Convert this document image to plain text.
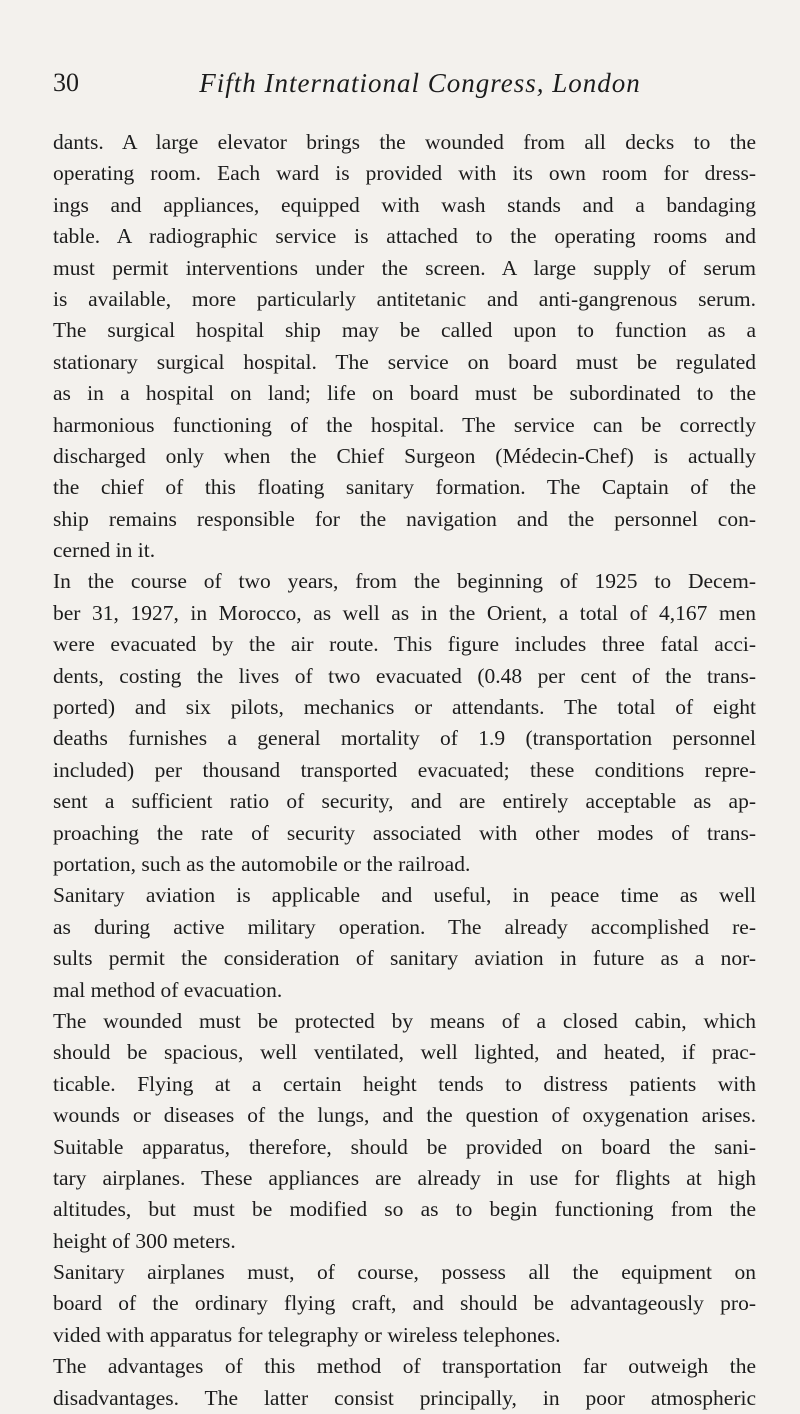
30	Fifth International Congress, London
dants. A large elevator brings the wounded from all decks to the
operating room. Each ward is provided with its own room for dress-
ings and appliances, equipped with wash stands and a bandaging
table. A radiographic service is attached to the operating rooms and
must permit interventions under the screen. A large supply of serum
is available, more particularly antitetanic and anti-gangrenous serum.
The surgical hospital ship may be called upon to function as a
stationary surgical hospital. The service on board must be regulated
as in a hospital on land; life on board must be subordinated to the
harmonious functioning of the hospital. The service can be correctly
discharged only when the Chief Surgeon (Médecin-Chef) is actually
the chief of this floating sanitary formation. The Captain of the
ship remains responsible for the navigation and the personnel con-
cerned in it.
In the course of two years, from the beginning of 1925 to Decem-
ber 31, 1927, in Morocco, as well as in the Orient, a total of 4,167 men
were evacuated by the air route. This figure includes three fatal acci-
dents, costing the lives of two evacuated (0.48 per cent of the trans-
ported) and six pilots, mechanics or attendants. The total of eight
deaths furnishes a general mortality of 1.9 (transportation personnel
included) per thousand transported evacuated; these conditions repre-
sent a sufficient ratio of security, and are entirely acceptable as ap-
proaching the rate of security associated with other modes of trans-
portation, such as the automobile or the railroad.
Sanitary aviation is applicable and useful, in peace time as well
as during active military operation. The already accomplished re-
sults permit the consideration of sanitary aviation in future as a nor-
mal method of evacuation.
The wounded must be protected by means of a closed cabin, which
should be spacious, well ventilated, well lighted, and heated, if prac-
ticable. Flying at a certain height tends to distress patients with
wounds or diseases of the lungs, and the question of oxygenation arises.
Suitable apparatus, therefore, should be provided on board the sani-
tary airplanes. These appliances are already in use for flights at high
altitudes, but must be modified so as to begin functioning from the
height of 300 meters.
Sanitary airplanes must, of course, possess all the equipment on
board of the ordinary flying craft, and should be advantageously pro-
vided with apparatus for telegraphy or wireless telephones.
The advantages of this method of transportation far outweigh the
disadvantages. The latter consist principally, in poor atmospheric
